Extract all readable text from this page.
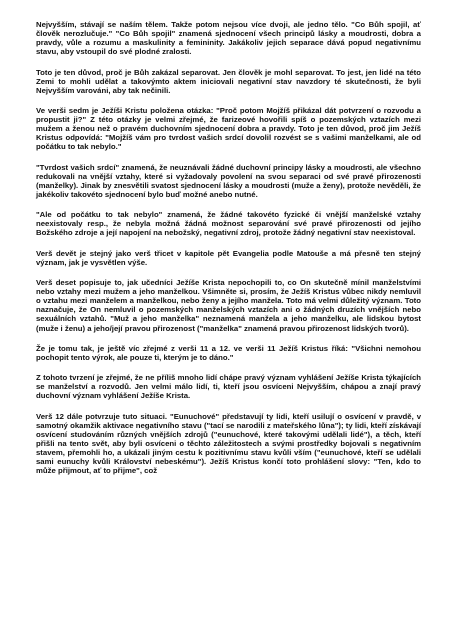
Nejvyšším, stávají se naším tělem. Takže potom nejsou více dvoji, ale jedno tělo. "Co Bůh spojil, ať člověk nerozlučuje." "Co Bůh spojil" znamená sjednocení všech principů lásky a moudrosti, dobra a pravdy, vůle a rozumu a maskulinity a femininity. Jakákoliv jejich separace dává popud negativnímu stavu, aby vstoupil do své plodné zralosti.

Toto je ten důvod, proč je Bůh zakázal separovat. Jen člověk je mohl separovat. To jest, jen lidé na této Zemi to mohli udělat a takovýmto aktem iniciovali negativní stav navzdory té skutečnosti, že byli Nejvyšším varováni, aby tak nečinili.

Ve verši sedm je Ježíši Kristu položena otázka: "Proč potom Mojžíš přikázal dát potvrzení o rozvodu a propustit ji?" Z této otázky je velmi zřejmé, že farizeové hovořili spíš o pozemských vztazích mezi mužem a ženou než o pravém duchovním sjednocení dobra a pravdy. Toto je ten důvod, proč jim Ježíš Kristus odpovídá: "Mojžíš vám pro tvrdost vašich srdcí dovolil rozvést se s vašimi manželkami, ale od počátku to tak nebylo."

"Tvrdost vašich srdcí" znamená, že neuznávali žádné duchovní principy lásky a moudrosti, ale všechno redukovali na vnější vztahy, které si vyžadovaly povolení na svou separaci od své pravé přirozenosti (manželky). Jinak by znesvětili svatost sjednocení lásky a moudrosti (muže a ženy), protože nevěděli, že jakékoliv takovéto sjednocení bylo buď možné anebo nutné.

"Ale od počátku to tak nebylo" znamená, že žádné takovéto fyzické či vnější manželské vztahy neexistovaly resp., že nebyla možná žádná možnost separování své pravé přirozenosti od jejího Božského zdroje a její napojení na nebožský, negativní zdroj, protože žádný negativní stav neexistoval.

Verš devět je stejný jako verš třicet v kapitole pět Evangelia podle Matouše a má přesně ten stejný význam, jak je vysvětlen výše.

Verš deset popisuje to, jak učedníci Ježíše Krista nepochopili to, co On skutečně mínil manželstvími nebo vztahy mezi mužem a jeho manželkou. Všimněte si, prosím, že Ježíš Kristus vůbec nikdy nemluvil o vztahu mezi manželem a manželkou, nebo ženy a jejího manžela. Toto má velmi důležitý význam. Toto naznačuje, že On nemluvil o pozemských manželských vztazích ani o žádných druzích vnějších nebo sexuálních vztahů. "Muž a jeho manželka" neznamená manžela a jeho manželku, ale lidskou bytost (muže i ženu) a jeho/její pravou přirozenost ("manželka" znamená pravou přirozenost lidských tvorů).

Že je tomu tak, je ještě víc zřejmé z verši 11 a 12. ve verši 11 Ježíš Kristus říká: "Všichni nemohou pochopit tento výrok, ale pouze ti, kterým je to dáno."

Z tohoto tvrzení je zřejmé, že ne příliš mnoho lidí chápe pravý význam vyhlášení Ježíše Krista týkajících se manželství a rozvodů. Jen velmi málo lidí, ti, kteří jsou osvíceni Nejvyšším, chápou a znají pravý duchovní význam vyhlášení Ježíše Krista.

Verš 12 dále potvrzuje tuto situaci. "Eunuchové" představují ty lidi, kteří usilují o osvícení v pravdě, v samotný okamžik aktivace negativního stavu ("tací se narodili z mateřského lůna"); ty lidi, kteří získávají osvícení studováním různých vnějších zdrojů ("eunuchové, které takovými udělali lidé"), a těch, kteří přišli na tento svět, aby byli osvíceni o těchto záležitostech a svými prostředky bojovali s negativním stavem, přemohli ho, a ukázali jiným cestu k pozitivnímu stavu kvůli vším ("eunuchové, kteří se udělali sami eunuchy kvůli Království nebeskému"). Ježíš Kristus končí toto prohlášení slovy: "Ten, kdo to může přijmout, ať to přijme", což
